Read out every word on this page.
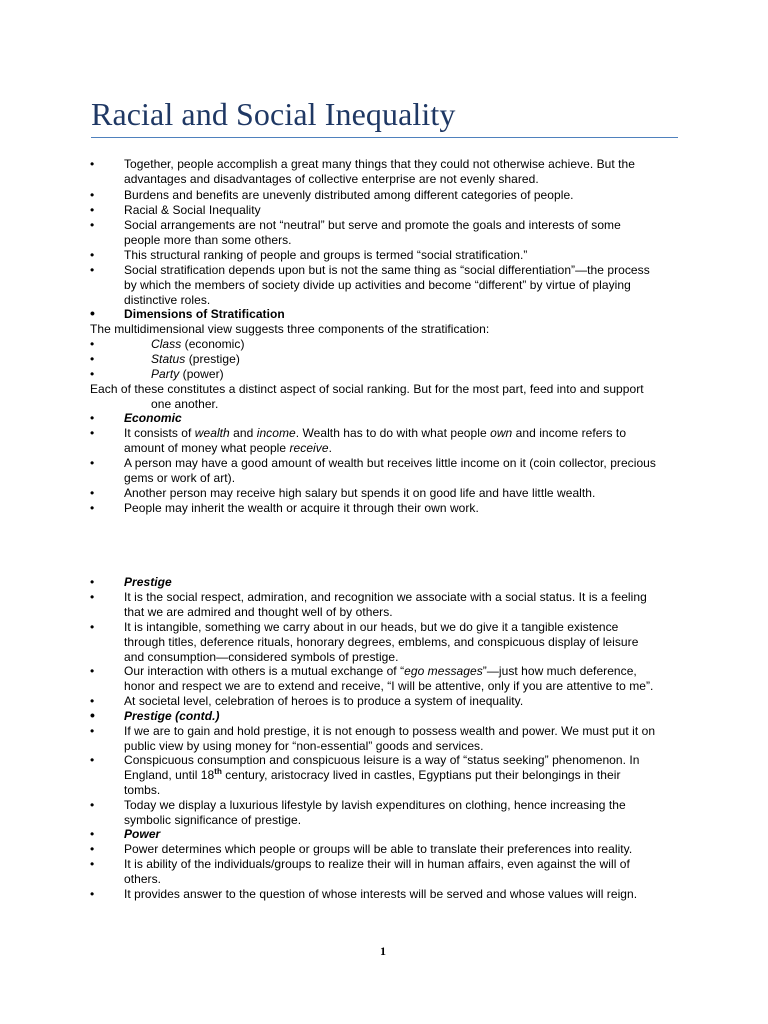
Racial and Social Inequality
• Together, people accomplish a great many things that they could not otherwise achieve. But the
advantages and disadvantages of collective enterprise are not evenly shared.
• Burdens and benefits are unevenly distributed among different categories of people.
• Racial & Social Inequality
• Social arrangements are not “neutral” but serve and promote the goals and interests of some
people more than some others.
• This structural ranking of people and groups is termed “social stratification.”
• Social stratification depends upon but is not the same thing as “social differentiation”—the process
by which the members of society divide up activities and become “different” by virtue of playing
distinctive roles.
• Dimensions of Stratification
The multidimensional view suggests three components of the stratification:
•	Class (economic)
•	Status (prestige)
•	Party (power)
Each of these constitutes a distinct aspect of social ranking. But for the most part, feed into and support
one another.
• Economic
• It consists of wealth and income. Wealth has to do with what people own and income refers to
amount of money what people receive.
• A person may have a good amount of wealth but receives little income on it (coin collector, precious
gems or work of art).
• Another person may receive high salary but spends it on good life and have little wealth.
• People may inherit the wealth or acquire it through their own work.
• Prestige
• It is the social respect, admiration, and recognition we associate with a social status. It is a feeling
that we are admired and thought well of by others.
• It is intangible, something we carry about in our heads, but we do give it a tangible existence
through titles, deference rituals, honorary degrees, emblems, and conspicuous display of leisure
and consumption—considered symbols of prestige.
• Our interaction with others is a mutual exchange of “ego messages”—just how much deference,
honor and respect we are to extend and receive, “I will be attentive, only if you are attentive to me”.
• At societal level, celebration of heroes is to produce a system of inequality.
• Prestige (contd.)
• If we are to gain and hold prestige, it is not enough to possess wealth and power. We must put it on
public view by using money for “non-essential” goods and services.
• Conspicuous consumption and conspicuous leisure is a way of “status seeking” phenomenon. In
England, until 18th century, aristocracy lived in castles, Egyptians put their belongings in their
tombs.
• Today we display a luxurious lifestyle by lavish expenditures on clothing, hence increasing the
symbolic significance of prestige.
• Power
• Power determines which people or groups will be able to translate their preferences into reality.
• It is ability of the individuals/groups to realize their will in human affairs, even against the will of
others.
• It provides answer to the question of whose interests will be served and whose values will reign.
1
